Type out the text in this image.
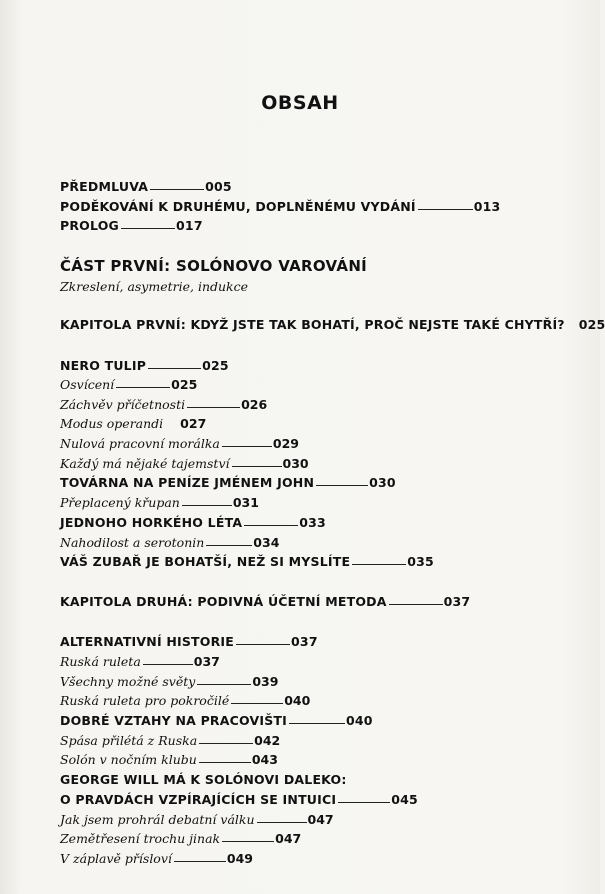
OBSAH
PŘEDMLUVA	005
PODĚKOVÁNÍ K DRUHÉMU, DOPLNĚNÉMU VYDÁNÍ	013
PROLOG	017
ČÁST PRVNÍ: SOLÓNOVO VAROVÁNÍ
Zkreslení, asymetrie, indukce
KAPITOLA PRVNÍ: KDYŽ JSTE TAK BOHATÍ, PROČ NEJSTE TAKÉ CHYTŘÍ? 025
NERO TULIP	025
Osvícení	025
Záchvěv příčetnosti	026
Modus operandi 027
Nulová pracovní morálka	029
Každý má nějaké tajemství	030
TOVÁRNA NA PENÍZE JMÉNEM JOHN	030
Přeplacený křupan	031
JEDNOHO HORKÉHO LÉTA	033
Nahodilost a serotonin	034
VÁŠ ZUBAŘ JE BOHATŠÍ, NEŽ SI MYSLÍTE	035
KAPITOLA DRUHÁ: PODIVNÁ ÚČETNÍ METODA	037
ALTERNATIVNÍ HISTORIE	037
Ruská ruleta	037
Všechny možné světy	039
Ruská ruleta pro pokročilé	040
DOBRÉ VZTAHY NA PRACOVIŠTI	040
Spása přilétá z Ruska	042
Solón v nočním klubu	043
GEORGE WILL MÁ K SOLÓNOVI DALEKO:
O PRAVDÁCH VZPÍRAJÍCÍCH SE INTUICI	045
Jak jsem prohrál debatní válku	047
Zemětřesení trochu jinak	047
V záplavě přísloví	049
